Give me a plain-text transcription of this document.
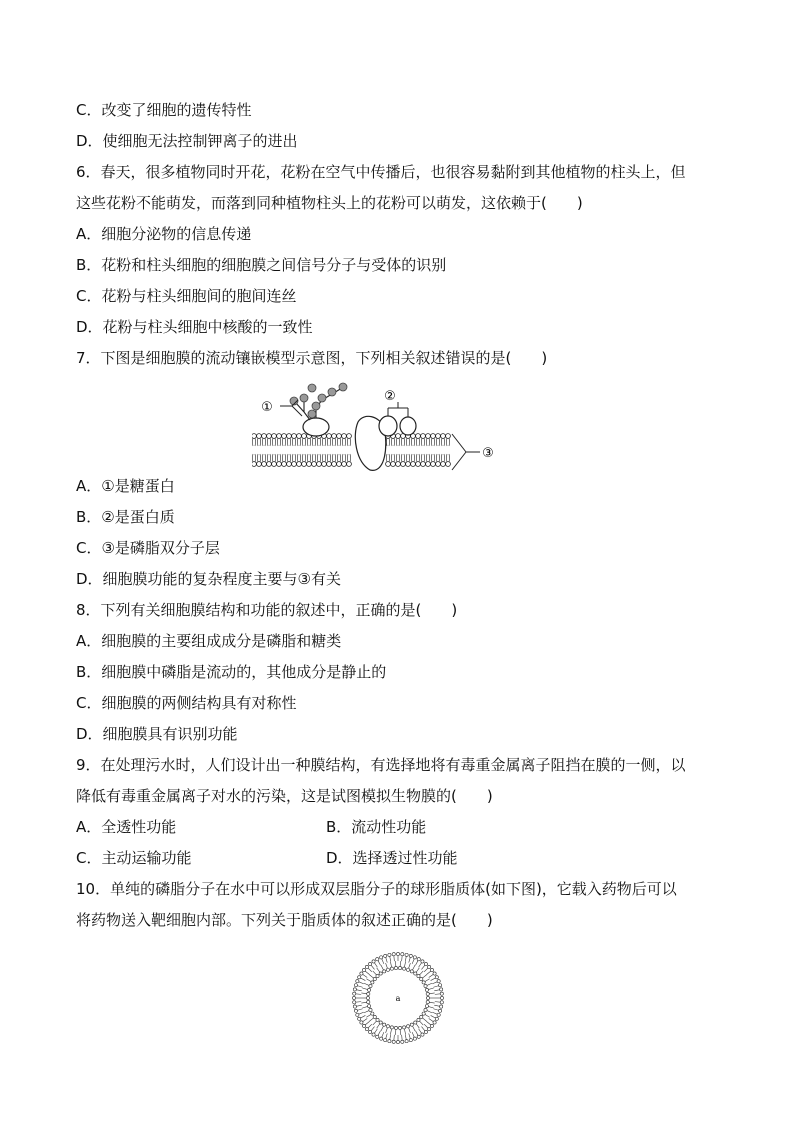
C．改变了细胞的遗传特性
D．使细胞无法控制钾离子的进出
6．春天，很多植物同时开花，花粉在空气中传播后，也很容易黏附到其他植物的柱头上，但
这些花粉不能萌发，而落到同种植物柱头上的花粉可以萌发，这依赖于(　　)
A．细胞分泌物的信息传递
B．花粉和柱头细胞的细胞膜之间信号分子与受体的识别
C．花粉与柱头细胞间的胞间连丝
D．花粉与柱头细胞中核酸的一致性
7．下图是细胞膜的流动镶嵌模型示意图，下列相关叙述错误的是(　　)
①
②
③
A．①是糖蛋白
B．②是蛋白质
C．③是磷脂双分子层
D．细胞膜功能的复杂程度主要与③有关
8．下列有关细胞膜结构和功能的叙述中，正确的是(　　)
A．细胞膜的主要组成成分是磷脂和糖类
B．细胞膜中磷脂是流动的，其他成分是静止的
C．细胞膜的两侧结构具有对称性
D．细胞膜具有识别功能
9．在处理污水时，人们设计出一种膜结构，有选择地将有毒重金属离子阻挡在膜的一侧，以
降低有毒重金属离子对水的污染，这是试图模拟生物膜的(　　)
A．全透性功能	B．流动性功能
C．主动运输功能	D．选择透过性功能
10．单纯的磷脂分子在水中可以形成双层脂分子的球形脂质体(如下图)，它载入药物后可以
将药物送入靶细胞内部。下列关于脂质体的叙述正确的是(　　)
a
